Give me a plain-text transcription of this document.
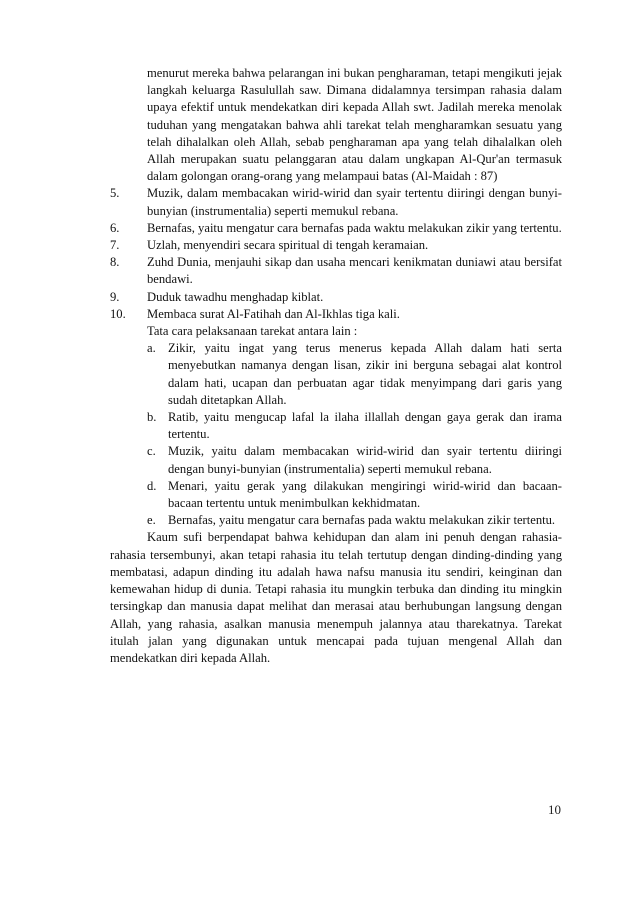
menurut mereka bahwa pelarangan ini bukan pengharaman, tetapi mengikuti jejak langkah keluarga Rasulullah saw. Dimana didalamnya tersimpan rahasia dalam upaya efektif untuk mendekatkan diri kepada Allah swt. Jadilah mereka menolak tuduhan yang mengatakan bahwa ahli tarekat telah mengharamkan sesuatu yang telah dihalalkan oleh Allah, sebab pengharaman apa yang telah dihalalkan oleh Allah merupakan suatu pelanggaran atau dalam ungkapan Al-Qur'an termasuk dalam golongan orang-orang yang melampaui batas (Al-Maidah : 87)

5. Muzik, dalam membacakan wirid-wirid dan syair tertentu diiringi dengan bunyi-bunyian (instrumentalia) seperti memukul rebana.
6. Bernafas, yaitu mengatur cara bernafas pada waktu melakukan zikir yang tertentu.
7. Uzlah, menyendiri secara spiritual di tengah keramaian.
8. Zuhd Dunia, menjauhi sikap dan usaha mencari kenikmatan duniawi atau bersifat bendawi.
9. Duduk tawadhu menghadap kiblat.
10. Membaca surat Al-Fatihah dan Al-Ikhlas tiga kali.

Tata cara pelaksanaan tarekat antara lain :

a. Zikir, yaitu ingat yang terus menerus kepada Allah dalam hati serta menyebutkan namanya dengan lisan, zikir ini berguna sebagai alat kontrol dalam hati, ucapan dan perbuatan agar tidak menyimpang dari garis yang sudah ditetapkan Allah.
b. Ratib, yaitu mengucap lafal la ilaha illallah dengan gaya gerak dan irama tertentu.
c. Muzik, yaitu dalam membacakan wirid-wirid dan syair tertentu diiringi dengan bunyi-bunyian (instrumentalia) seperti memukul rebana.
d. Menari, yaitu gerak yang dilakukan mengiringi wirid-wirid dan bacaan-bacaan tertentu untuk menimbulkan kekhidmatan.
e. Bernafas, yaitu mengatur cara bernafas pada waktu melakukan zikir tertentu.

Kaum sufi berpendapat bahwa kehidupan dan alam ini penuh dengan rahasia-rahasia tersembunyi, akan tetapi rahasia itu telah tertutup dengan dinding-dinding yang membatasi, adapun dinding itu adalah hawa nafsu manusia itu sendiri, keinginan dan kemewahan hidup di dunia. Tetapi rahasia itu mungkin terbuka dan dinding itu mingkin tersingkap dan manusia dapat melihat dan merasai atau berhubungan langsung dengan Allah, yang rahasia, asalkan manusia menempuh jalannya atau tharekatnya. Tarekat itulah jalan yang digunakan untuk mencapai pada tujuan mengenal Allah dan mendekatkan diri kepada Allah.

10
